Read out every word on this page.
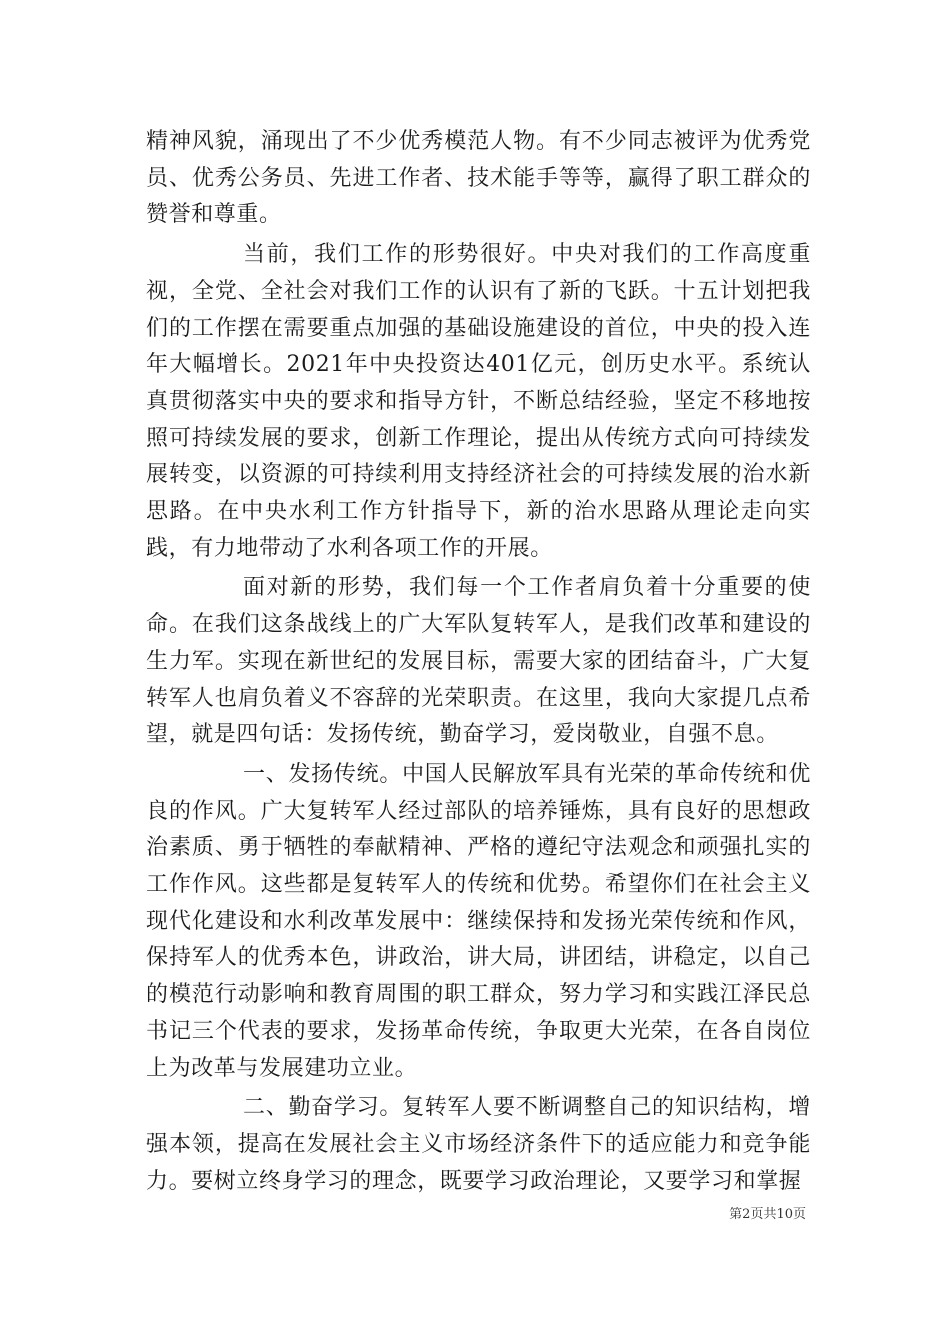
精神风貌，涌现出了不少优秀模范人物。有不少同志被评为优秀党员、优秀公务员、先进工作者、技术能手等等，赢得了职工群众的赞誉和尊重。

当前，我们工作的形势很好。中央对我们的工作高度重视，全党、全社会对我们工作的认识有了新的飞跃。十五计划把我们的工作摆在需要重点加强的基础设施建设的首位，中央的投入连年大幅增长。2021年中央投资达401亿元，创历史水平。系统认真贯彻落实中央的要求和指导方针，不断总结经验，坚定不移地按照可持续发展的要求，创新工作理论，提出从传统方式向可持续发展转变，以资源的可持续利用支持经济社会的可持续发展的治水新思路。在中央水利工作方针指导下，新的治水思路从理论走向实践，有力地带动了水利各项工作的开展。

面对新的形势，我们每一个工作者肩负着十分重要的使命。在我们这条战线上的广大军队复转军人，是我们改革和建设的生力军。实现在新世纪的发展目标，需要大家的团结奋斗，广大复转军人也肩负着义不容辞的光荣职责。在这里，我向大家提几点希望，就是四句话：发扬传统，勤奋学习，爱岗敬业，自强不息。

一、发扬传统。中国人民解放军具有光荣的革命传统和优良的作风。广大复转军人经过部队的培养锤炼，具有良好的思想政治素质、勇于牺牲的奉献精神、严格的遵纪守法观念和顽强扎实的工作作风。这些都是复转军人的传统和优势。希望你们在社会主义现代化建设和水利改革发展中：继续保持和发扬光荣传统和作风，保持军人的优秀本色，讲政治，讲大局，讲团结，讲稳定，以自己的模范行动影响和教育周围的职工群众，努力学习和实践江泽民总书记三个代表的要求，发扬革命传统，争取更大光荣，在各自岗位上为改革与发展建功立业。

二、勤奋学习。复转军人要不断调整自己的知识结构，增强本领，提高在发展社会主义市场经济条件下的适应能力和竞争能力。要树立终身学习的理念，既要学习政治理论，又要学习和掌握

第2页共10页
